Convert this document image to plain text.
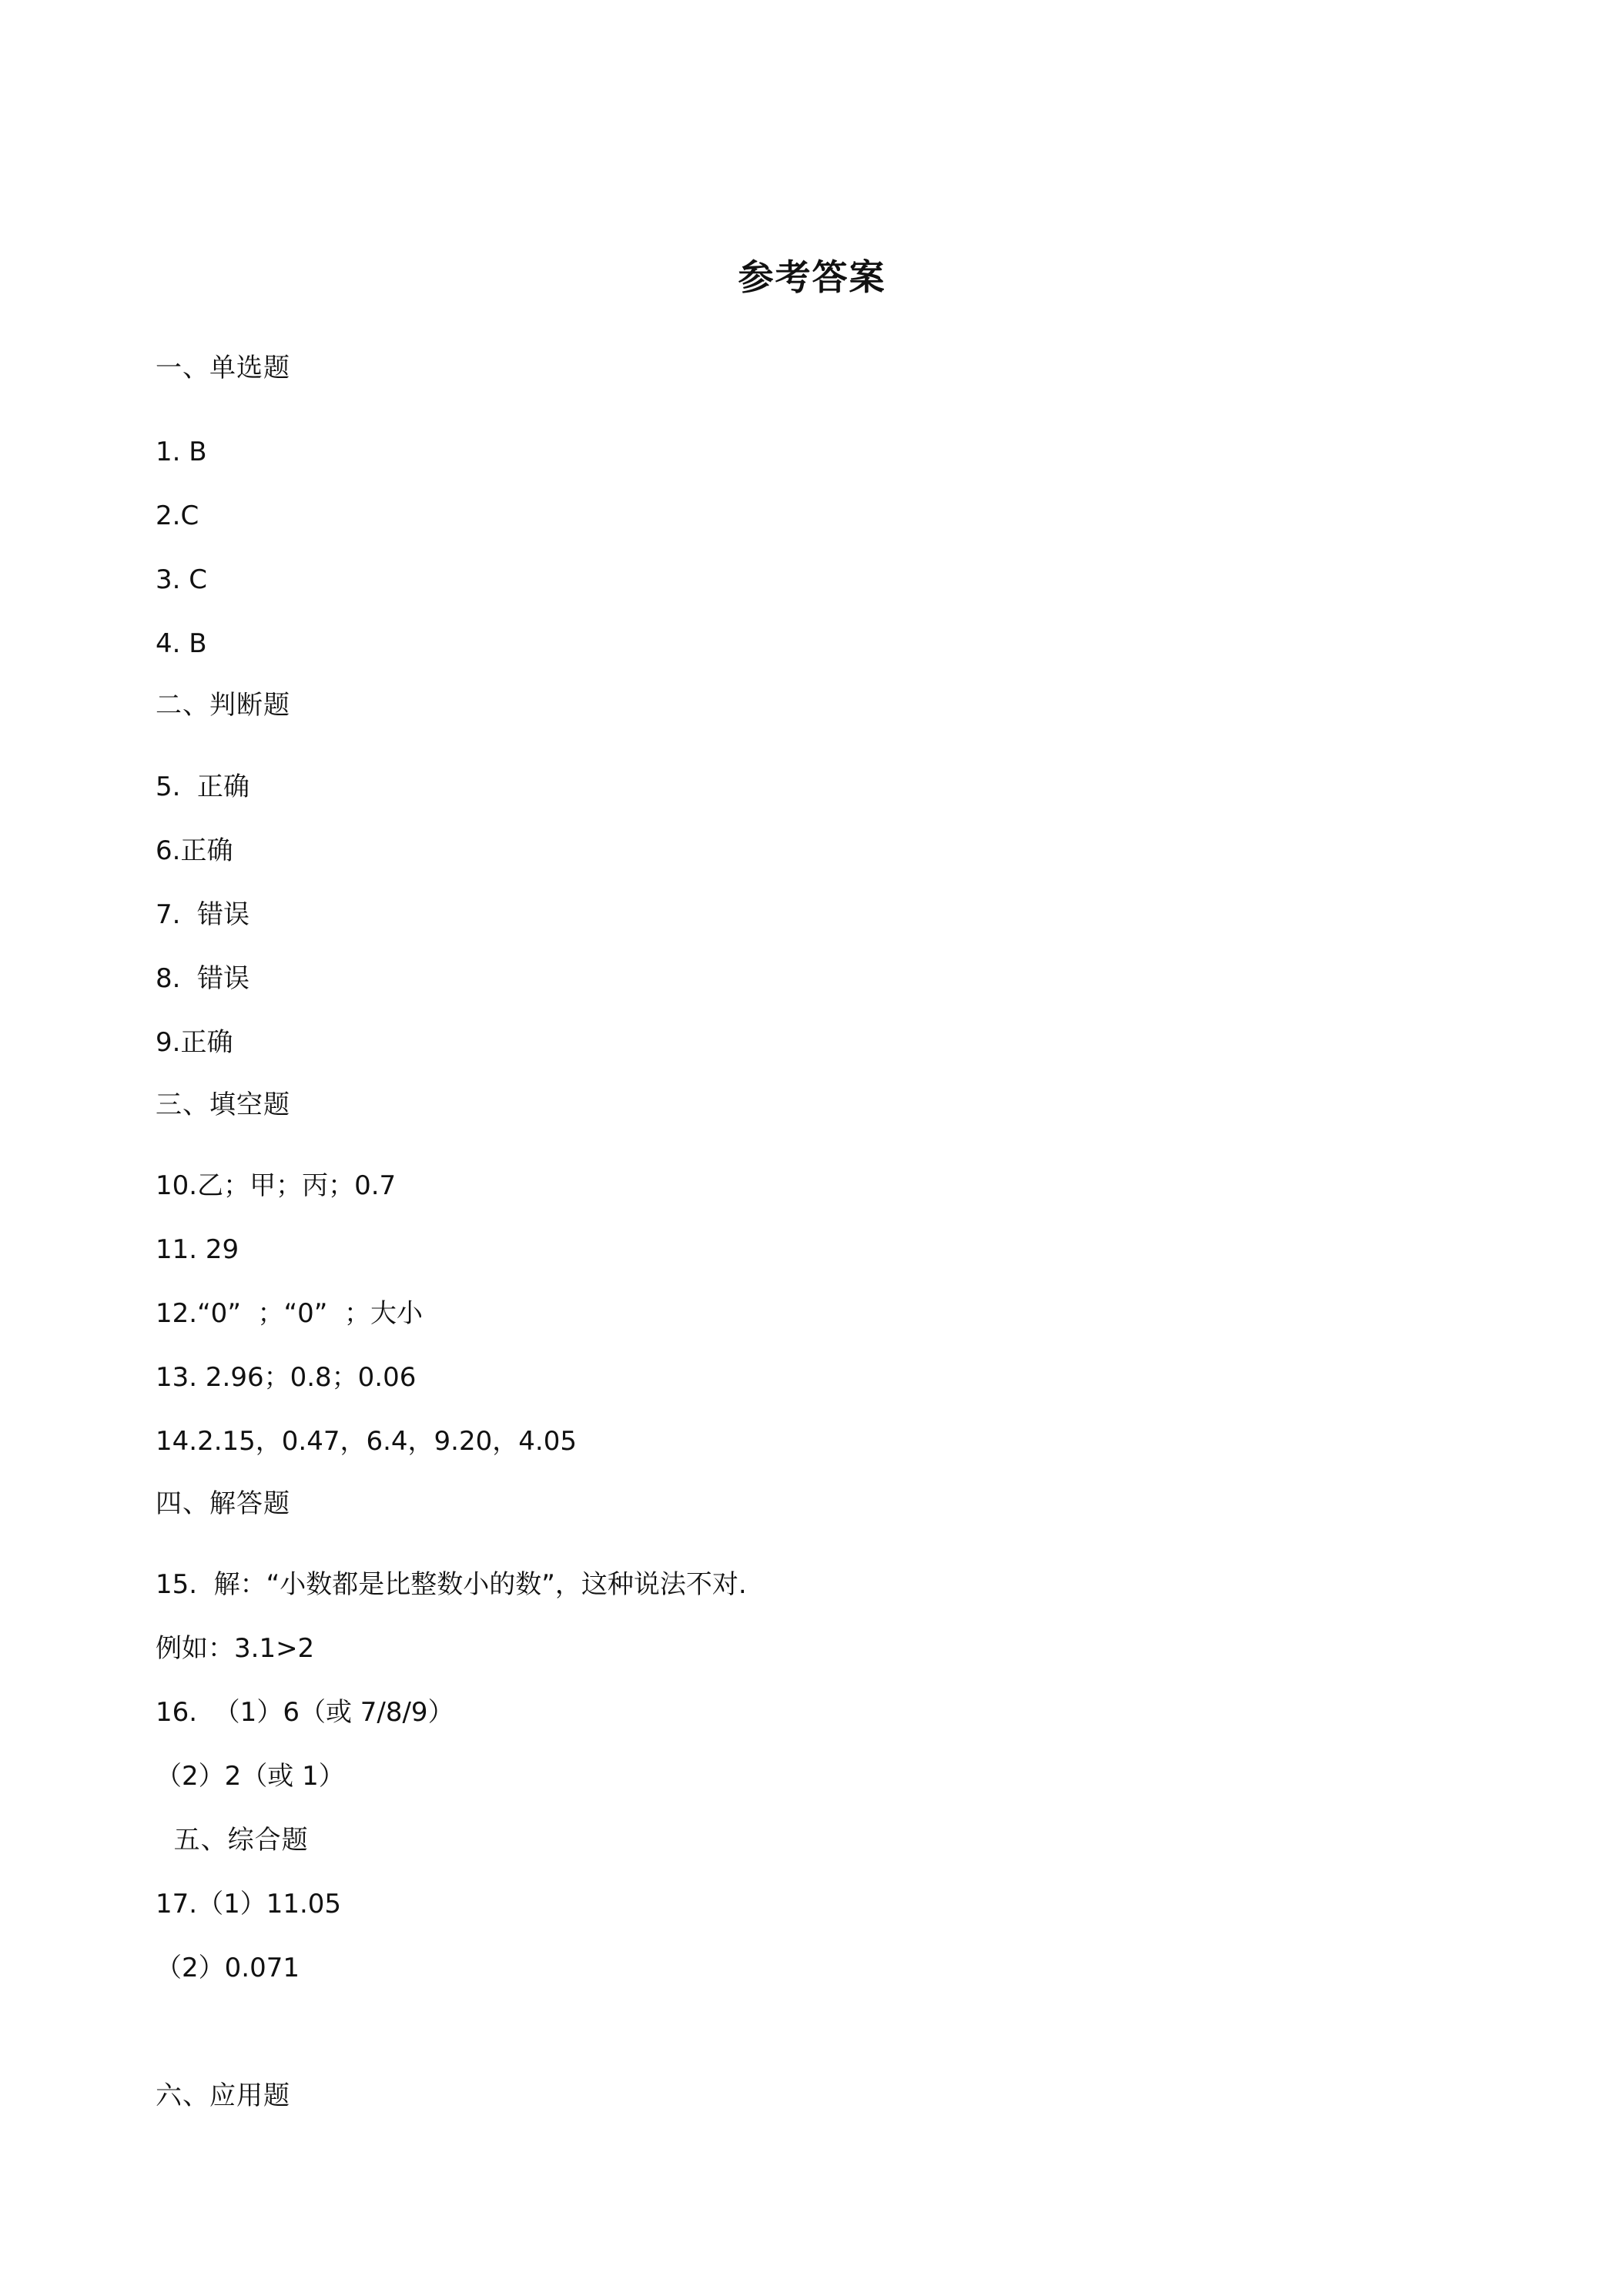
参考答案
一、单选题
1. B
2.C
3. C
4. B
二、判断题
5.  正确
6.正确
7.  错误
8.  错误
9.正确
三、填空题
10.乙；甲；丙；0.7
11. 29
12.“0”  ；“0”  ；大小
13. 2.96；0.8；0.06
14.2.15，0.47，6.4，9.20，4.05
四、解答题
15.  解：“小数都是比整数小的数”，这种说法不对.
例如：3.1>2
16.  （1）6（或 7/8/9）
（2）2（或 1）
五、综合题
17.（1）11.05
（2）0.071
六、应用题
